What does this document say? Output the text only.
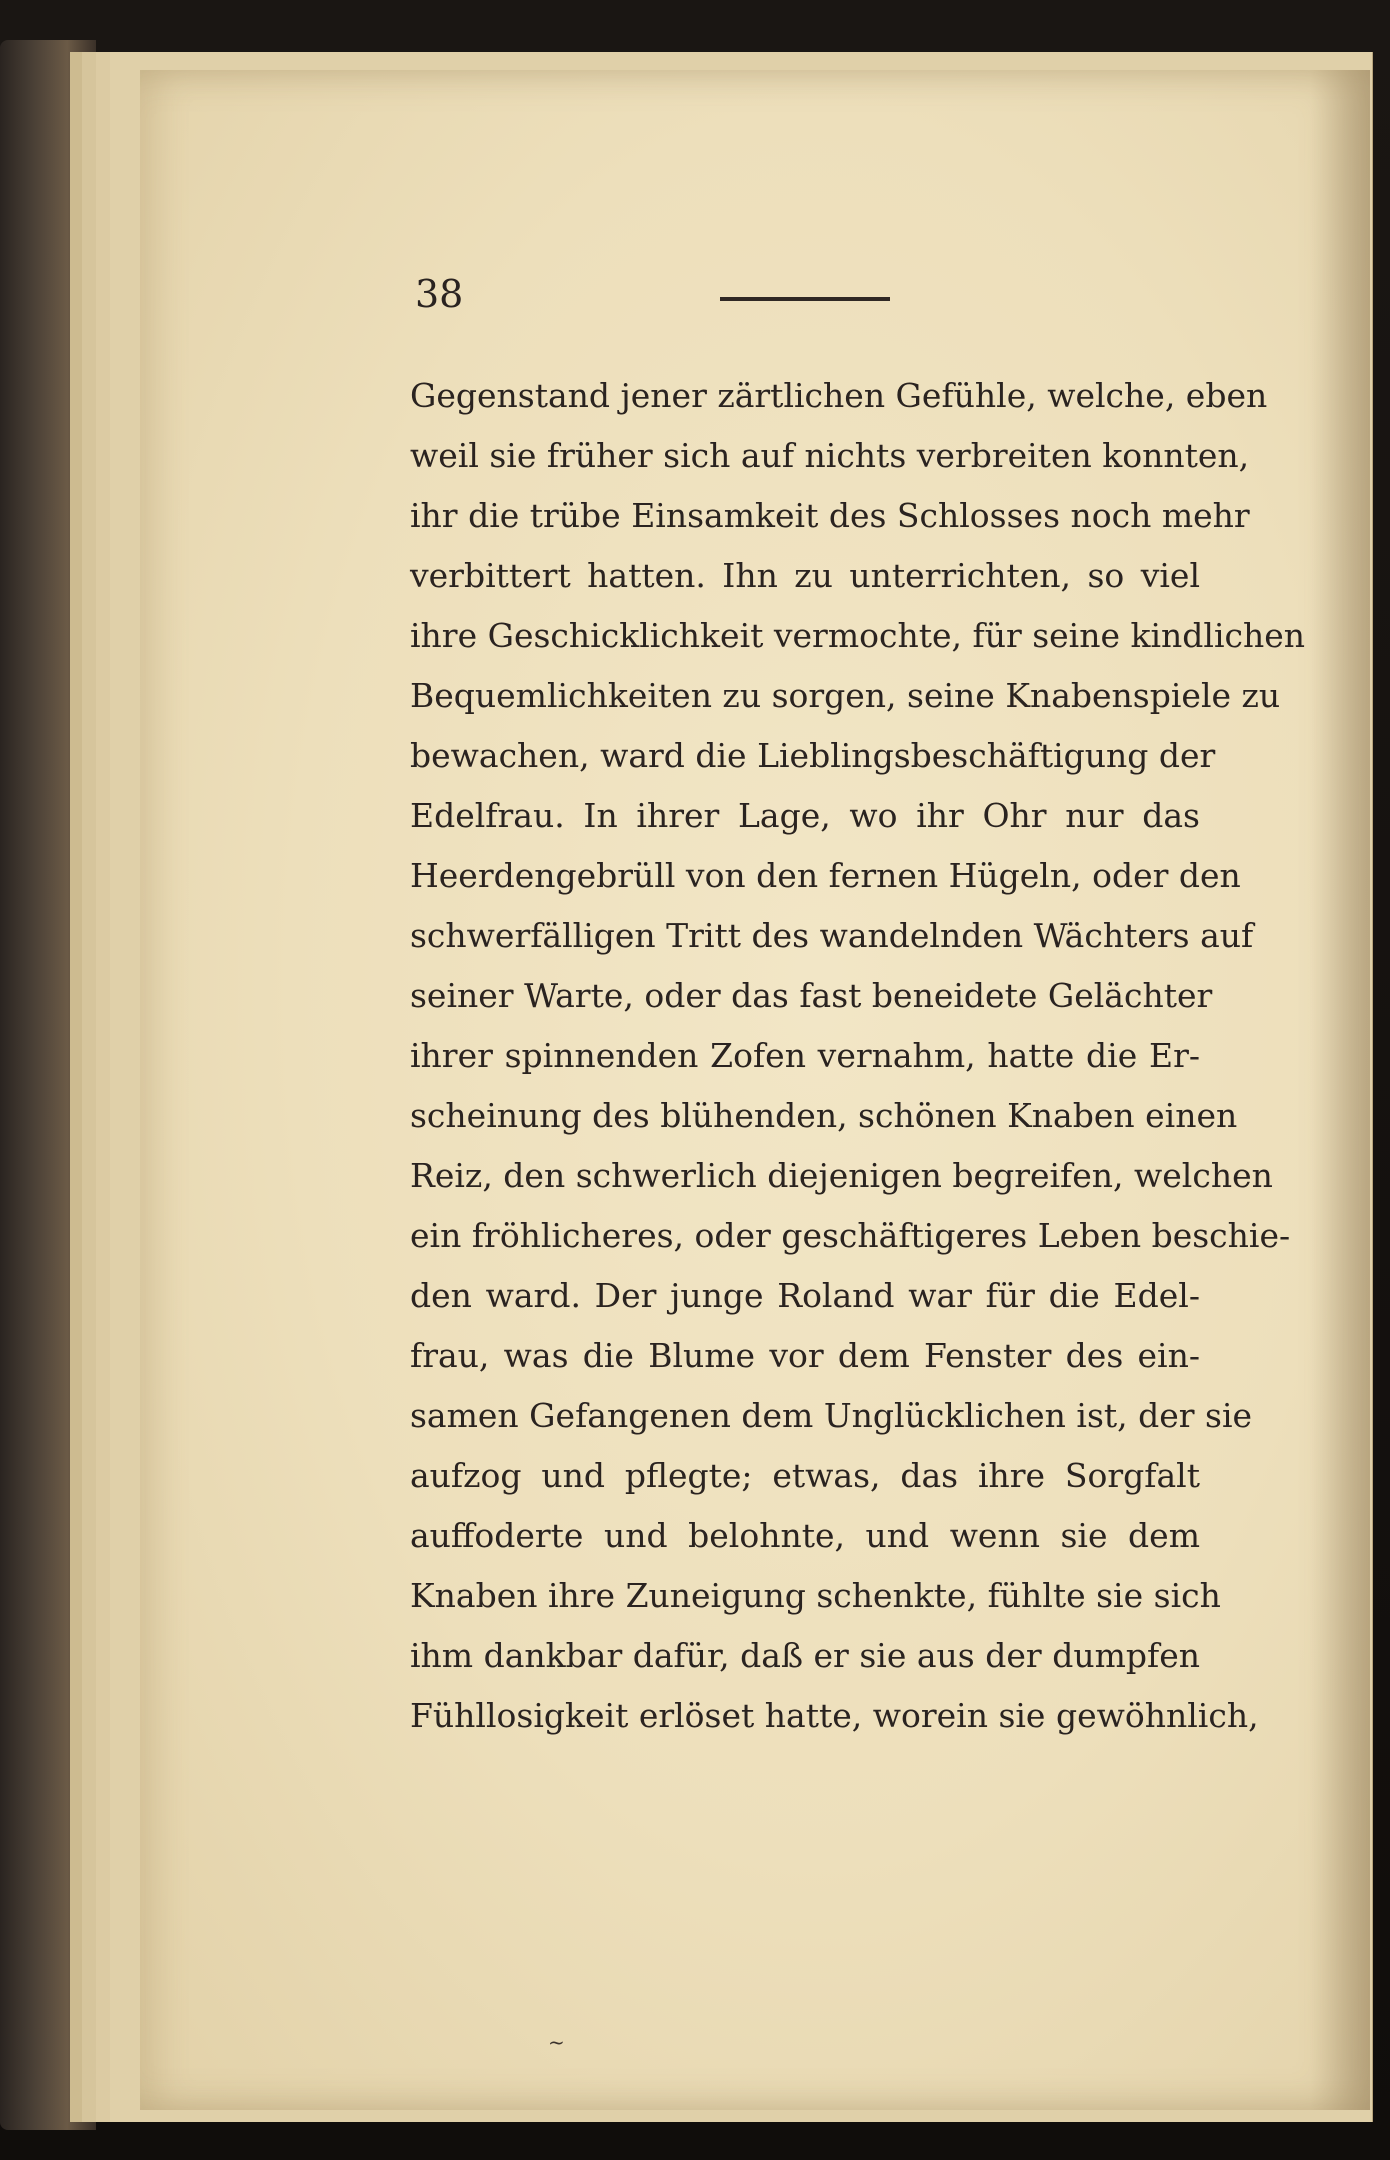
38
Gegenstand jener zärtlichen Gefühle, welche, eben
weil sie früher sich auf nichts verbreiten konnten,
ihr die trübe Einsamkeit des Schlosses noch mehr
verbittert hatten. Ihn zu unterrichten, so viel
ihre Geschicklichkeit vermochte, für seine kindlichen
Bequemlichkeiten zu sorgen, seine Knabenspiele zu
bewachen, ward die Lieblingsbeschäftigung der
Edelfrau. In ihrer Lage, wo ihr Ohr nur das
Heerdengebrüll von den fernen Hügeln, oder den
schwerfälligen Tritt des wandelnden Wächters auf
seiner Warte, oder das fast beneidete Gelächter
ihrer spinnenden Zofen vernahm, hatte die Er-
scheinung des blühenden, schönen Knaben einen
Reiz, den schwerlich diejenigen begreifen, welchen
ein fröhlicheres, oder geschäftigeres Leben beschie-
den ward. Der junge Roland war für die Edel-
frau, was die Blume vor dem Fenster des ein-
samen Gefangenen dem Unglücklichen ist, der sie
aufzog und pflegte; etwas, das ihre Sorgfalt
auffoderte und belohnte, und wenn sie dem
Knaben ihre Zuneigung schenkte, fühlte sie sich
ihm dankbar dafür, daß er sie aus der dumpfen
Fühllosigkeit erlöset hatte, worein sie gewöhnlich,
~
